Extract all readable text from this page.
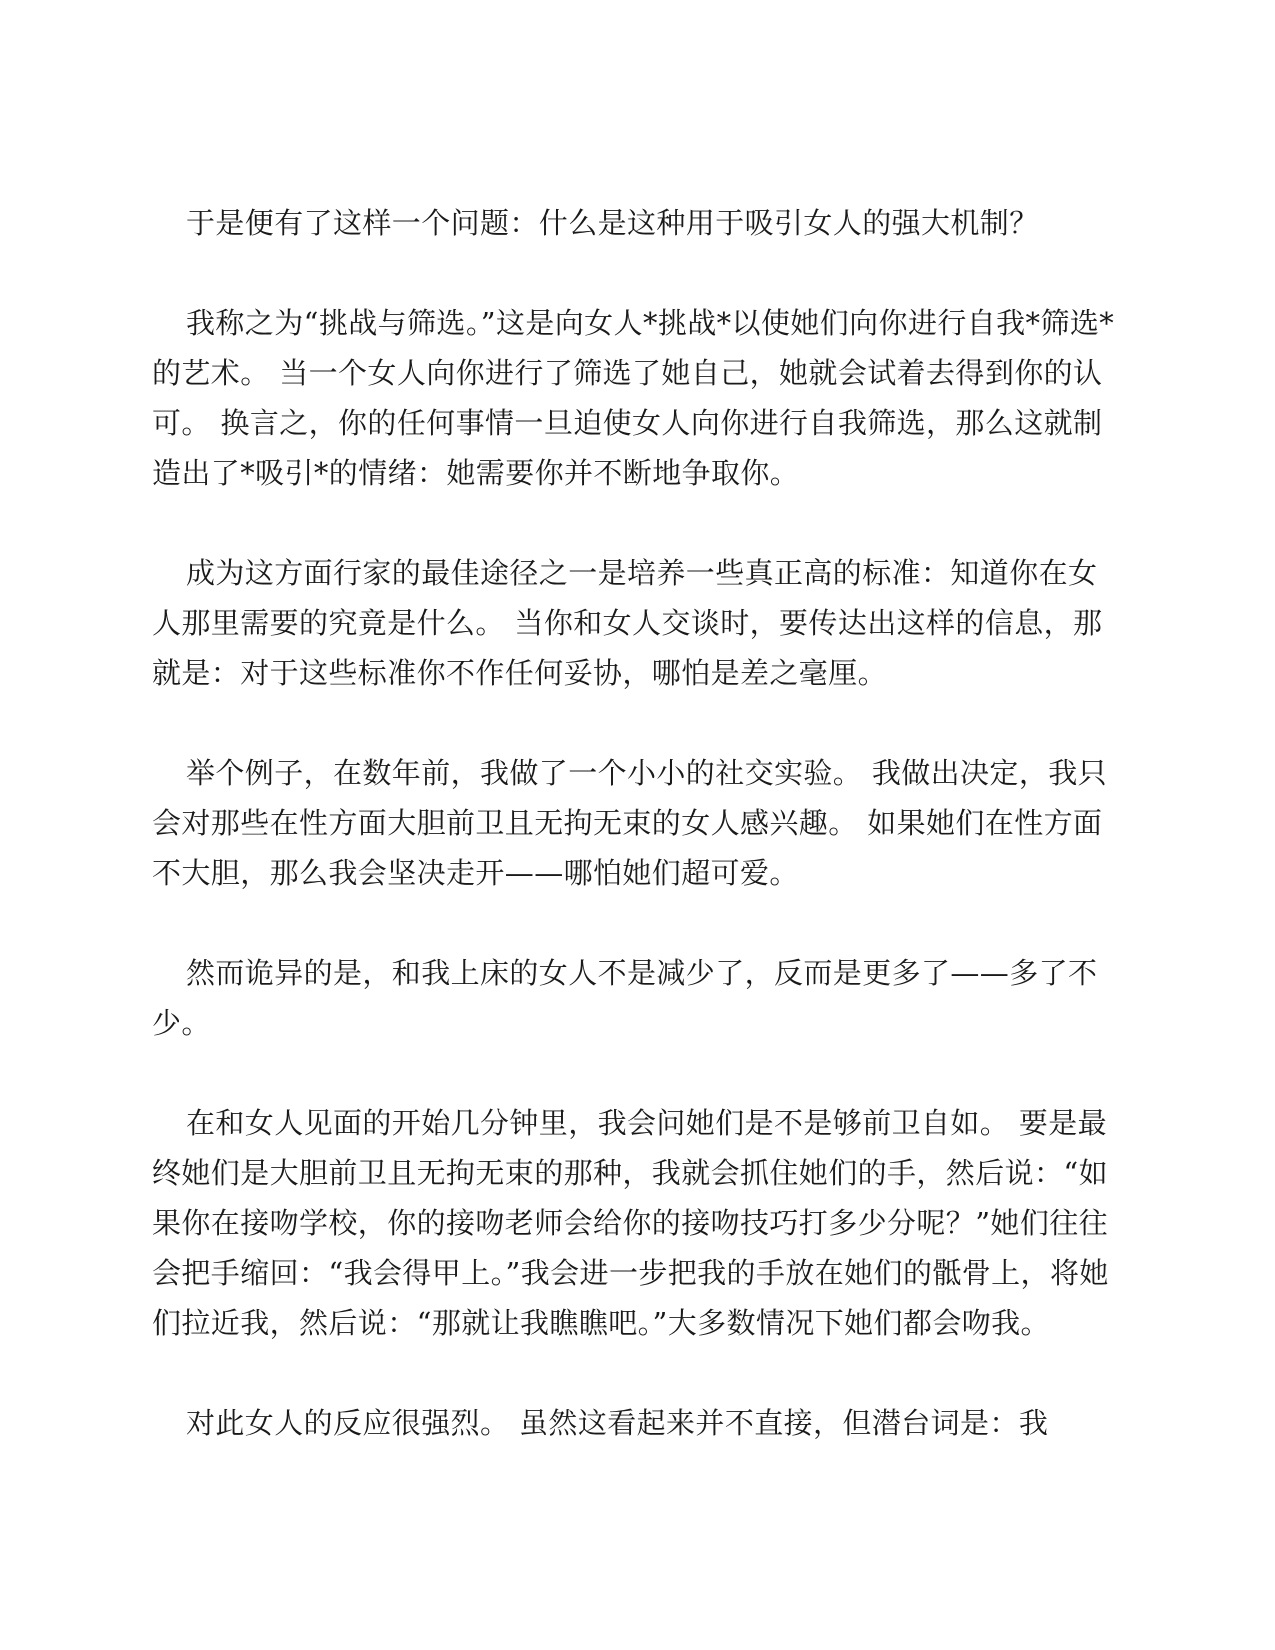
于是便有了这样一个问题：什么是这种用于吸引女人的强大机制？

我称之为“挑战与筛选。”这是向女人*挑战*以使她们向你进行自我*筛选*的艺术。 当一个女人向你进行了筛选了她自己，她就会试着去得到你的认可。 换言之，你的任何事情一旦迫使女人向你进行自我筛选，那么这就制造出了*吸引*的情绪：她需要你并不断地争取你。

成为这方面行家的最佳途径之一是培养一些真正高的标准：知道你在女人那里需要的究竟是什么。 当你和女人交谈时，要传达出这样的信息，那就是：对于这些标准你不作任何妥协，哪怕是差之毫厘。

举个例子，在数年前，我做了一个小小的社交实验。 我做出决定，我只会对那些在性方面大胆前卫且无拘无束的女人感兴趣。 如果她们在性方面不大胆，那么我会坚决走开——哪怕她们超可爱。

然而诡异的是，和我上床的女人不是减少了，反而是更多了——多了不少。

在和女人见面的开始几分钟里，我会问她们是不是够前卫自如。 要是最终她们是大胆前卫且无拘无束的那种，我就会抓住她们的手，然后说：“如果你在接吻学校，你的接吻老师会给你的接吻技巧打多少分呢？”她们往往会把手缩回：“我会得甲上。”我会进一步把我的手放在她们的骶骨上，将她们拉近我，然后说：“那就让我瞧瞧吧。”大多数情况下她们都会吻我。

对此女人的反应很强烈。 虽然这看起来并不直接，但潜台词是：我
